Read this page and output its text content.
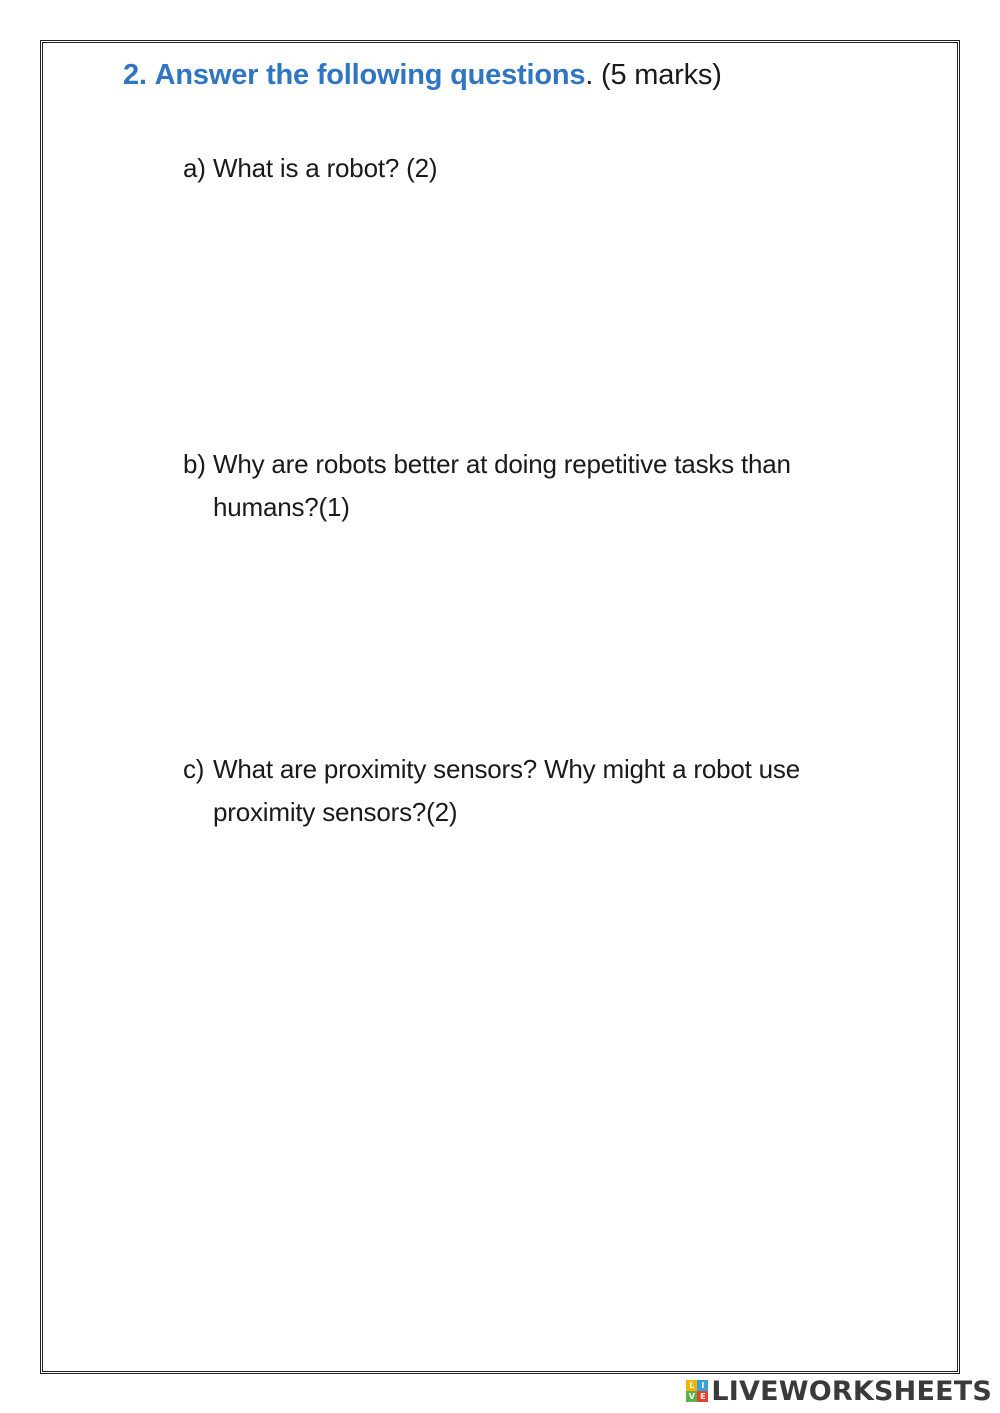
2. Answer the following questions. (5 marks)
a) What is a robot? (2)
b) Why are robots better at doing repetitive tasks than humans?(1)
c) What are proximity sensors? Why might a robot use proximity sensors?(2)
L I
V E LIVEWORKSHEETS
